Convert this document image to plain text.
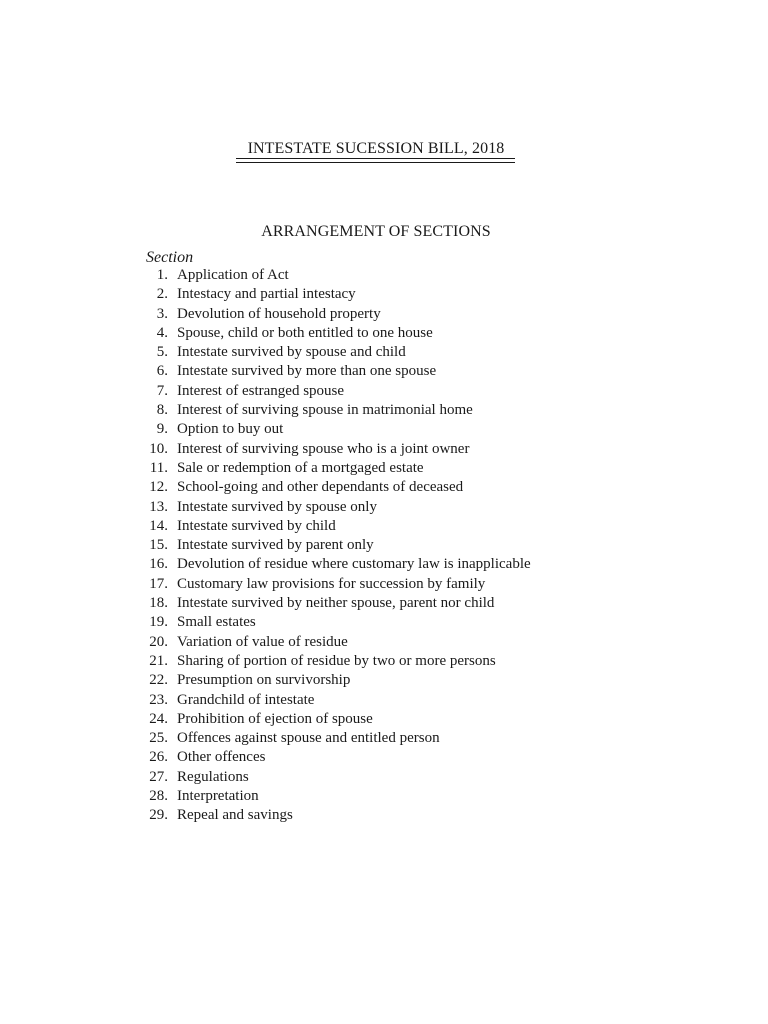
INTESTATE SUCESSION BILL, 2018
ARRANGEMENT OF SECTIONS
Section
1. Application of Act
2. Intestacy and partial intestacy
3. Devolution of household property
4. Spouse, child or both entitled to one house
5. Intestate survived by spouse and child
6. Intestate survived by more than one spouse
7. Interest of estranged spouse
8. Interest of surviving spouse in matrimonial home
9. Option to buy out
10. Interest of surviving spouse who is a joint owner
11. Sale or redemption of a mortgaged estate
12. School-going and other dependants of deceased
13. Intestate survived by spouse only
14. Intestate survived by child
15. Intestate survived by parent only
16. Devolution of residue where customary law is inapplicable
17. Customary law provisions for succession by family
18. Intestate survived by neither spouse, parent nor child
19. Small estates
20. Variation of value of residue
21. Sharing of portion of residue by two or more persons
22. Presumption on survivorship
23. Grandchild of intestate
24. Prohibition of ejection of spouse
25. Offences against spouse and entitled person
26. Other offences
27. Regulations
28. Interpretation
29. Repeal and savings
